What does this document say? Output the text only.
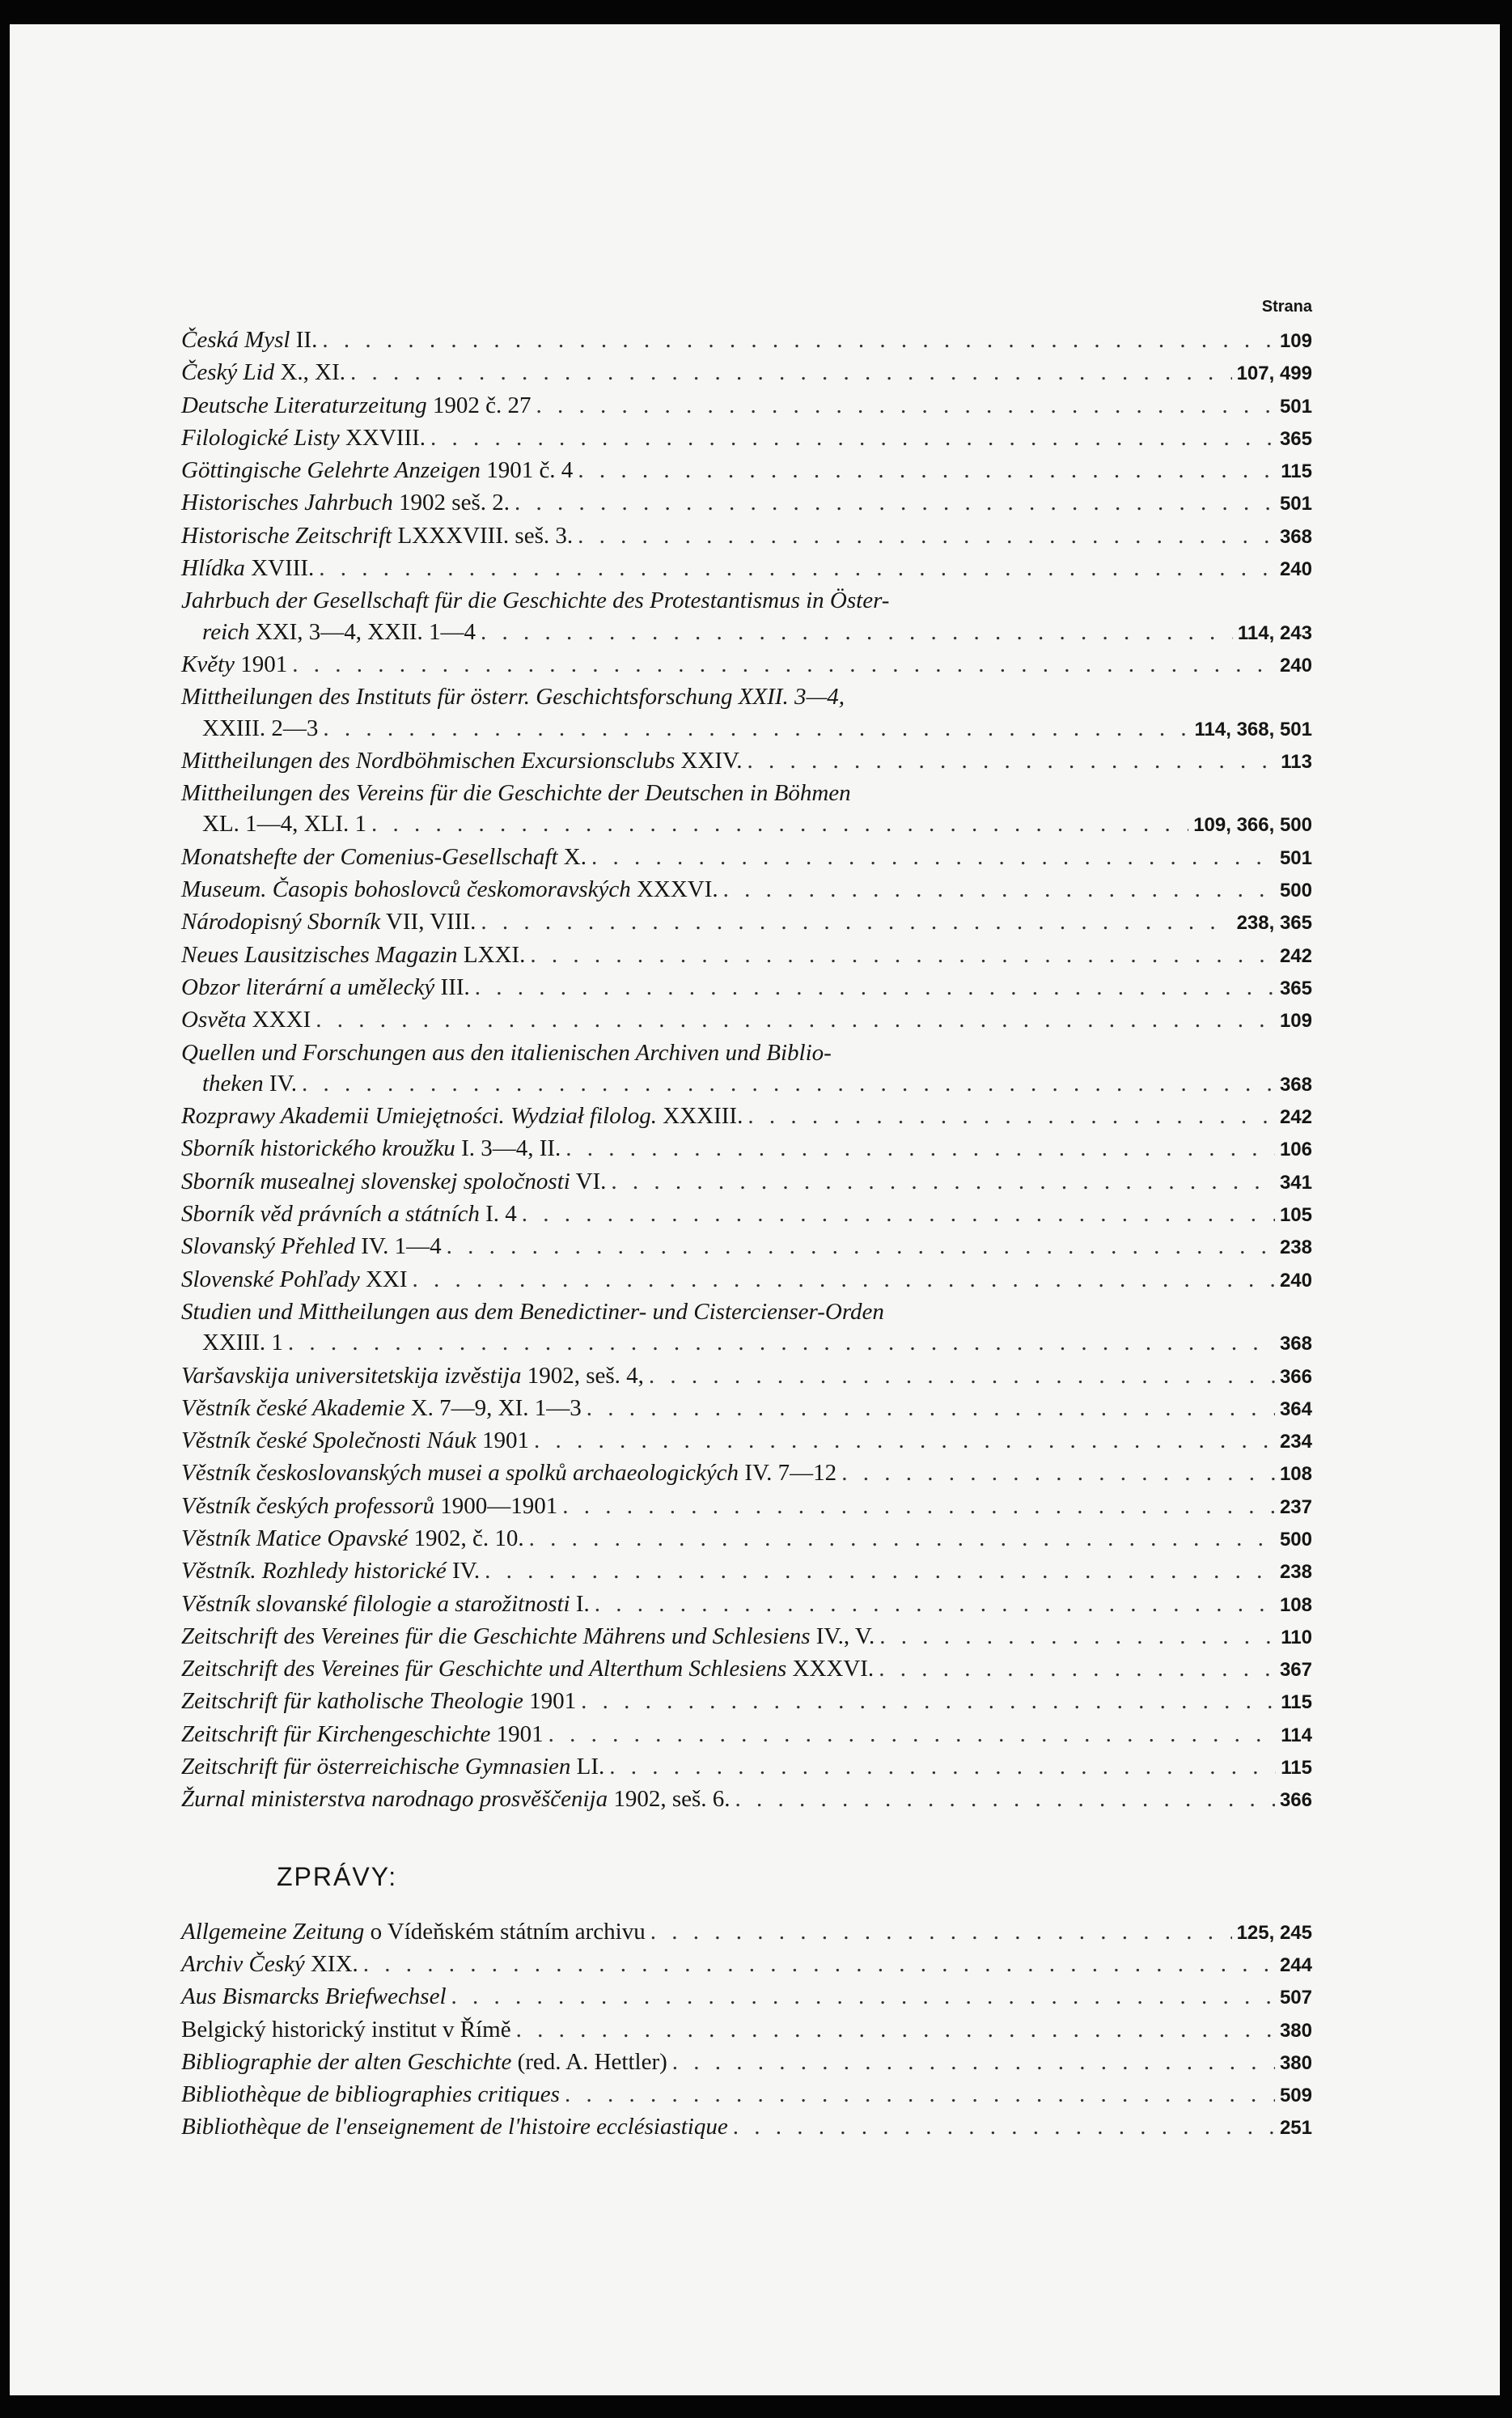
Strana
Česká Mysl II. . . .	109
Český Lid X., XI. . . .	107, 499
Deutsche Literaturzeitung 1902 č. 27 . . .	501
Filologické Listy XXVIII. . . .	365
Göttingische Gelehrte Anzeigen 1901 č. 4 . . .	115
Historisches Jahrbuch 1902 seš. 2. . . .	501
Historische Zeitschrift LXXXVIII. seš. 3. . . .	368
Hlídka XVIII. . . .	240
Jahrbuch der Gesellschaft für die Geschichte des Protestantismus in Öster-
reich XXI, 3—4, XXII. 1—4 . . .	114, 243
Květy 1901 . . .	240
Mittheilungen des Instituts für österr. Geschichtsforschung XXII. 3—4,
XXIII. 2—3 . . .	114, 368, 501
Mittheilungen des Nordböhmischen Excursionsclubs XXIV. . . .	113
Mittheilungen des Vereins für die Geschichte der Deutschen in Böhmen
XL. 1—4, XLI. 1 . . .	109, 366, 500
Monatshefte der Comenius-Gesellschaft X. . . .	501
Museum. Časopis bohoslovců českomoravských XXXVI. . . .	500
Národopisný Sborník VII, VIII. . . .	238, 365
Neues Lausitzisches Magazin LXXI. . . .	242
Obzor literární a umělecký III. . . .	365
Osvěta XXXI . . .	109
Quellen und Forschungen aus den italienischen Archiven und Biblio-
theken IV. . . .	368
Rozprawy Akademii Umiejętności. Wydział filolog. XXXIII. . . .	242
Sborník historického kroužku I. 3—4, II. . . .	106
Sborník musealnej slovenskej spoločnosti VI. . . .	341
Sborník věd právních a státních I. 4 . . .	105
Slovanský Přehled IV. 1—4 . . .	238
Slovenské Pohľady XXI . . .	240
Studien und Mittheilungen aus dem Benedictiner- und Cistercienser-Orden
XXIII. 1 . . .	368
Varšavskija universitetskija izvěstija 1902, seš. 4, . . .	366
Věstník české Akademie X. 7—9, XI. 1—3 . . .	364
Věstník české Společnosti Náuk 1901 . . .	234
Věstník českoslovanských musei a spolků archaeologických IV. 7—12 . . .	108
Věstník českých professorů 1900—1901 . . .	237
Věstník Matice Opavské 1902, č. 10. . . .	500
Věstník. Rozhledy historické IV. . . .	238
Věstník slovanské filologie a starožitnosti I. . . .	108
Zeitschrift des Vereines für die Geschichte Mährens und Schlesiens IV., V. . . .	110
Zeitschrift des Vereines für Geschichte und Alterthum Schlesiens XXXVI. . . .	367
Zeitschrift für katholische Theologie 1901 . . .	115
Zeitschrift für Kirchengeschichte 1901 . . .	114
Zeitschrift für österreichische Gymnasien LI. . . .	115
Žurnal ministerstva narodnago prosvěščenija 1902, seš. 6. . . .	366
ZPRÁVY:
Allgemeine Zeitung o Vídeňském státním archivu . . .	125, 245
Archiv Český XIX. . . .	244
Aus Bismarcks Briefwechsel . . .	507
Belgický historický institut v Římě . . .	380
Bibliographie der alten Geschichte (red. A. Hettler) . . .	380
Bibliothèque de bibliographies critiques . . .	509
Bibliothèque de l'enseignement de l'histoire ecclésiastique . . .	251
